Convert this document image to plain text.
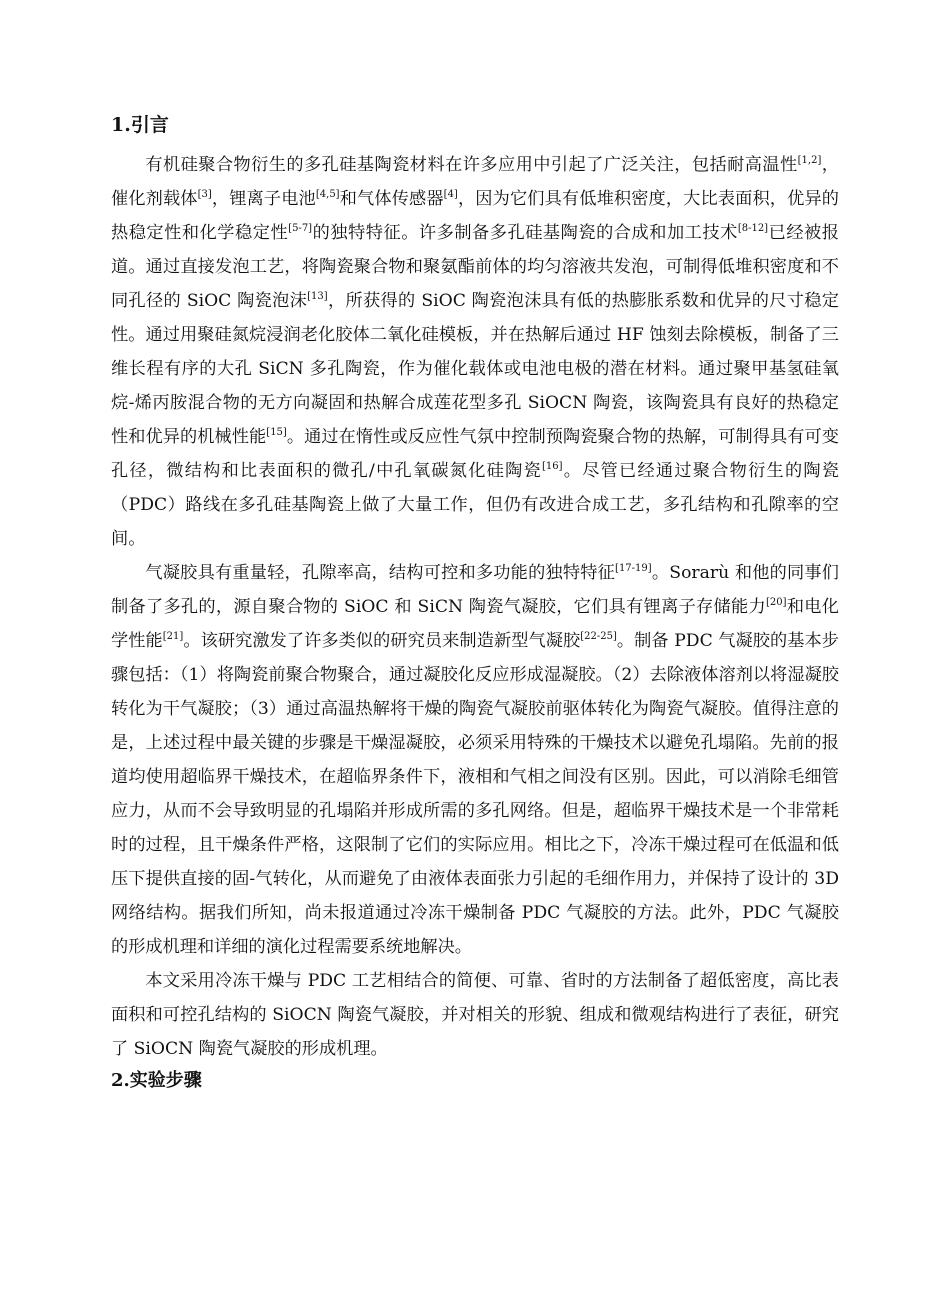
1.引言

有机硅聚合物衍生的多孔硅基陶瓷材料在许多应用中引起了广泛关注，包括耐高温性[1,2]，催化剂载体[3]，锂离子电池[4,5]和气体传感器[4]，因为它们具有低堆积密度，大比表面积，优异的热稳定性和化学稳定性[5-7]的独特特征。许多制备多孔硅基陶瓷的合成和加工技术[8-12]已经被报道。通过直接发泡工艺，将陶瓷聚合物和聚氨酯前体的均匀溶液共发泡，可制得低堆积密度和不同孔径的 SiOC 陶瓷泡沫[13]，所获得的 SiOC 陶瓷泡沫具有低的热膨胀系数和优异的尺寸稳定性。通过用聚硅氮烷浸润老化胶体二氧化硅模板，并在热解后通过 HF 蚀刻去除模板，制备了三维长程有序的大孔 SiCN 多孔陶瓷，作为催化载体或电池电极的潜在材料。通过聚甲基氢硅氧烷-烯丙胺混合物的无方向凝固和热解合成莲花型多孔 SiOCN 陶瓷，该陶瓷具有良好的热稳定性和优异的机械性能[15]。通过在惰性或反应性气氛中控制预陶瓷聚合物的热解，可制得具有可变孔径，微结构和比表面积的微孔/中孔氧碳氮化硅陶瓷[16]。尽管已经通过聚合物衍生的陶瓷（PDC）路线在多孔硅基陶瓷上做了大量工作，但仍有改进合成工艺，多孔结构和孔隙率的空间。

气凝胶具有重量轻，孔隙率高，结构可控和多功能的独特特征[17-19]。Sorarù 和他的同事们制备了多孔的，源自聚合物的 SiOC 和 SiCN 陶瓷气凝胶，它们具有锂离子存储能力[20]和电化学性能[21]。该研究激发了许多类似的研究员来制造新型气凝胶[22-25]。制备 PDC 气凝胶的基本步骤包括：（1）将陶瓷前聚合物聚合，通过凝胶化反应形成湿凝胶。（2）去除液体溶剂以将湿凝胶转化为干气凝胶；（3）通过高温热解将干燥的陶瓷气凝胶前驱体转化为陶瓷气凝胶。值得注意的是，上述过程中最关键的步骤是干燥湿凝胶，必须采用特殊的干燥技术以避免孔塌陷。先前的报道均使用超临界干燥技术，在超临界条件下，液相和气相之间没有区别。因此，可以消除毛细管应力，从而不会导致明显的孔塌陷并形成所需的多孔网络。但是，超临界干燥技术是一个非常耗时的过程，且干燥条件严格，这限制了它们的实际应用。相比之下，冷冻干燥过程可在低温和低压下提供直接的固-气转化，从而避免了由液体表面张力引起的毛细作用力，并保持了设计的 3D 网络结构。据我们所知，尚未报道通过冷冻干燥制备 PDC 气凝胶的方法。此外，PDC 气凝胶的形成机理和详细的演化过程需要系统地解决。

本文采用冷冻干燥与 PDC 工艺相结合的简便、可靠、省时的方法制备了超低密度，高比表面积和可控孔结构的 SiOCN 陶瓷气凝胶，并对相关的形貌、组成和微观结构进行了表征，研究了 SiOCN 陶瓷气凝胶的形成机理。

2.实验步骤
